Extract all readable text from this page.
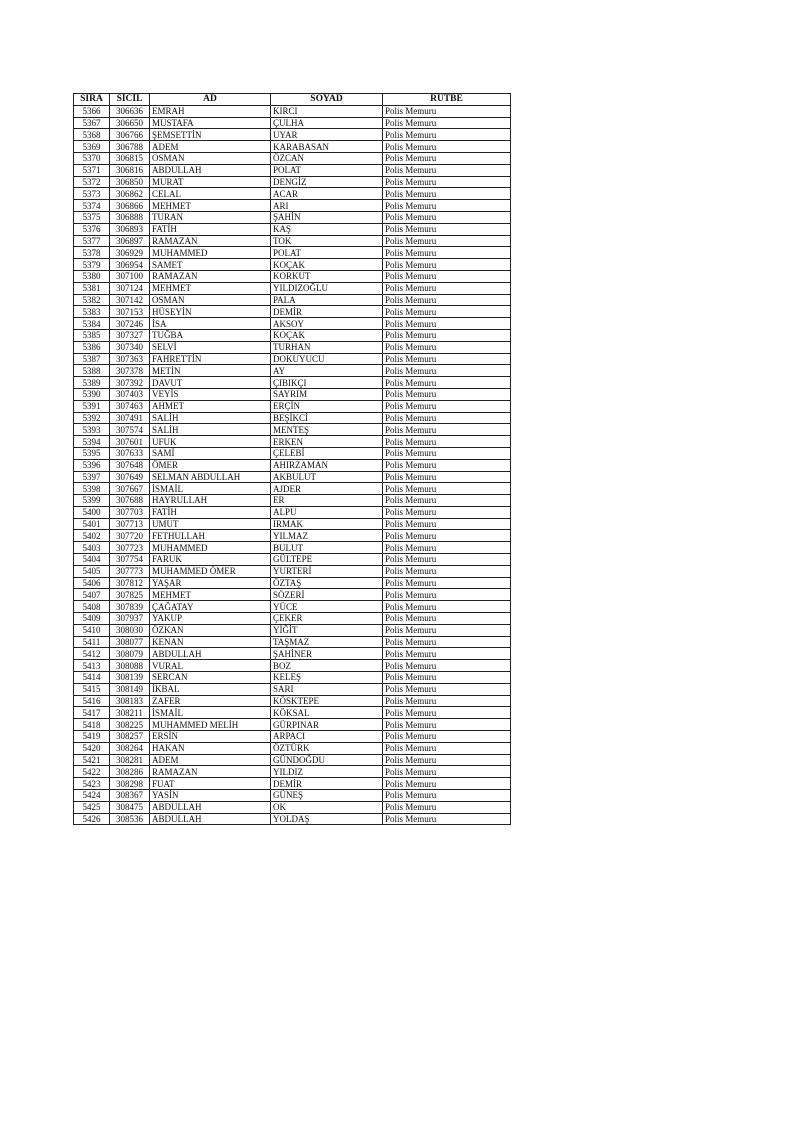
SIRA	SİCİL	AD	SOYAD	RÜTBE
5366	306636	EMRAH	KIRCI	Polis Memuru
5367	306650	MUSTAFA	ÇULHA	Polis Memuru
5368	306766	ŞEMSETTİN	UYAR	Polis Memuru
5369	306788	ADEM	KARABASAN	Polis Memuru
5370	306815	OSMAN	ÖZCAN	Polis Memuru
5371	306816	ABDULLAH	POLAT	Polis Memuru
5372	306850	MURAT	DENGİZ	Polis Memuru
5373	306862	CELAL	ACAR	Polis Memuru
5374	306866	MEHMET	ARI	Polis Memuru
5375	306888	TURAN	ŞAHİN	Polis Memuru
5376	306893	FATİH	KAŞ	Polis Memuru
5377	306897	RAMAZAN	TOK	Polis Memuru
5378	306929	MUHAMMED	POLAT	Polis Memuru
5379	306954	SAMET	KOÇAK	Polis Memuru
5380	307100	RAMAZAN	KORKUT	Polis Memuru
5381	307124	MEHMET	YILDIZOĞLU	Polis Memuru
5382	307142	OSMAN	PALA	Polis Memuru
5383	307153	HÜSEYİN	DEMİR	Polis Memuru
5384	307246	İSA	AKSOY	Polis Memuru
5385	307327	TUĞBA	KOÇAK	Polis Memuru
5386	307340	SELVİ	TURHAN	Polis Memuru
5387	307363	FAHRETTİN	DOKUYUCU	Polis Memuru
5388	307378	METİN	AY	Polis Memuru
5389	307392	DAVUT	ÇIBIKÇI	Polis Memuru
5390	307403	VEYİS	SAYRIM	Polis Memuru
5391	307463	AHMET	ERÇİN	Polis Memuru
5392	307491	SALİH	BEŞİKCİ	Polis Memuru
5393	307574	SALİH	MENTEŞ	Polis Memuru
5394	307601	UFUK	ERKEN	Polis Memuru
5395	307633	SAMİ	ÇELEBİ	Polis Memuru
5396	307648	ÖMER	AHIRZAMAN	Polis Memuru
5397	307649	SELMAN ABDULLAH	AKBULUT	Polis Memuru
5398	307667	İSMAİL	AJDER	Polis Memuru
5399	307688	HAYRULLAH	ER	Polis Memuru
5400	307703	FATİH	ALPU	Polis Memuru
5401	307713	UMUT	IRMAK	Polis Memuru
5402	307720	FETHULLAH	YILMAZ	Polis Memuru
5403	307723	MUHAMMED	BULUT	Polis Memuru
5404	307754	FARUK	GÜLTEPE	Polis Memuru
5405	307773	MUHAMMED ÖMER	YURTERİ	Polis Memuru
5406	307812	YAŞAR	ÖZTAŞ	Polis Memuru
5407	307825	MEHMET	SÖZERİ	Polis Memuru
5408	307839	ÇAĞATAY	YÜCE	Polis Memuru
5409	307937	YAKUP	ÇEKER	Polis Memuru
5410	308030	ÖZKAN	YİĞİT	Polis Memuru
5411	308077	KENAN	TAŞMAZ	Polis Memuru
5412	308079	ABDULLAH	ŞAHİNER	Polis Memuru
5413	308088	VURAL	BOZ	Polis Memuru
5414	308139	SERCAN	KELEŞ	Polis Memuru
5415	308149	İKBAL	SARI	Polis Memuru
5416	308183	ZAFER	KÖSKTEPE	Polis Memuru
5417	308211	İSMAİL	KÖKSAL	Polis Memuru
5418	308225	MUHAMMED MELİH	GÜRPINAR	Polis Memuru
5419	308257	ERSİN	ARPACI	Polis Memuru
5420	308264	HAKAN	ÖZTÜRK	Polis Memuru
5421	308281	ADEM	GÜNDOĞDU	Polis Memuru
5422	308286	RAMAZAN	YILDIZ	Polis Memuru
5423	308298	FUAT	DEMİR	Polis Memuru
5424	308367	YASİN	GÜNEŞ	Polis Memuru
5425	308475	ABDULLAH	OK	Polis Memuru
5426	308536	ABDULLAH	YOLDAŞ	Polis Memuru
